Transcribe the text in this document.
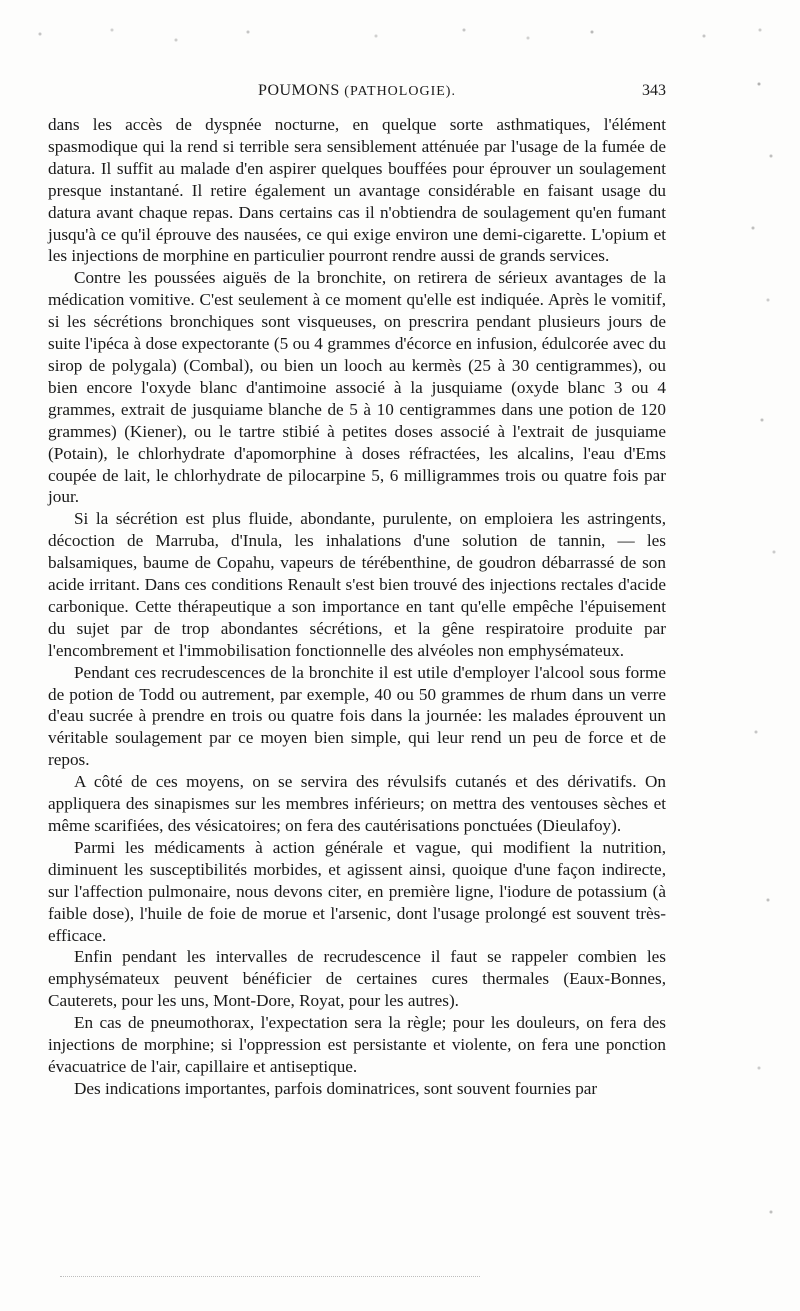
POUMONS (PATHOLOGIE).	343

dans les accès de dyspnée nocturne, en quelque sorte asthmatiques, l'élément spasmodique qui la rend si terrible sera sensiblement atténuée par l'usage de la fumée de datura. Il suffit au malade d'en aspirer quelques bouffées pour éprouver un soulagement presque instantané. Il retire également un avantage considérable en faisant usage du datura avant chaque repas. Dans certains cas il n'obtiendra de soulagement qu'en fumant jusqu'à ce qu'il éprouve des nausées, ce qui exige environ une demi-cigarette. L'opium et les injections de morphine en particulier pourront rendre aussi de grands services.

Contre les poussées aiguës de la bronchite, on retirera de sérieux avantages de la médication vomitive. C'est seulement à ce moment qu'elle est indiquée. Après le vomitif, si les sécrétions bronchiques sont visqueuses, on prescrira pendant plusieurs jours de suite l'ipéca à dose expectorante (5 ou 4 grammes d'écorce en infusion, édulcorée avec du sirop de polygala) (Combal), ou bien un looch au kermès (25 à 30 centigrammes), ou bien encore l'oxyde blanc d'antimoine associé à la jusquiame (oxyde blanc 3 ou 4 grammes, extrait de jusquiame blanche de 5 à 10 centigrammes dans une potion de 120 grammes) (Kiener), ou le tartre stibié à petites doses associé à l'extrait de jusquiame (Potain), le chlorhydrate d'apomorphine à doses réfractées, les alcalins, l'eau d'Ems coupée de lait, le chlorhydrate de pilocarpine 5, 6 milligrammes trois ou quatre fois par jour.

Si la sécrétion est plus fluide, abondante, purulente, on emploiera les astringents, décoction de Marruba, d'Inula, les inhalations d'une solution de tannin, — les balsamiques, baume de Copahu, vapeurs de térébenthine, de goudron débarrassé de son acide irritant. Dans ces conditions Renault s'est bien trouvé des injections rectales d'acide carbonique. Cette thérapeutique a son importance en tant qu'elle empêche l'épuisement du sujet par de trop abondantes sécrétions, et la gêne respiratoire produite par l'encombrement et l'immobilisation fonctionnelle des alvéoles non emphysémateux.

Pendant ces recrudescences de la bronchite il est utile d'employer l'alcool sous forme de potion de Todd ou autrement, par exemple, 40 ou 50 grammes de rhum dans un verre d'eau sucrée à prendre en trois ou quatre fois dans la journée: les malades éprouvent un véritable soulagement par ce moyen bien simple, qui leur rend un peu de force et de repos.

A côté de ces moyens, on se servira des révulsifs cutanés et des dérivatifs. On appliquera des sinapismes sur les membres inférieurs; on mettra des ventouses sèches et même scarifiées, des vésicatoires; on fera des cautérisations ponctuées (Dieulafoy).

Parmi les médicaments à action générale et vague, qui modifient la nutrition, diminuent les susceptibilités morbides, et agissent ainsi, quoique d'une façon indirecte, sur l'affection pulmonaire, nous devons citer, en première ligne, l'iodure de potassium (à faible dose), l'huile de foie de morue et l'arsenic, dont l'usage prolongé est souvent très-efficace.

Enfin pendant les intervalles de recrudescence il faut se rappeler combien les emphysémateux peuvent bénéficier de certaines cures thermales (Eaux-Bonnes, Cauterets, pour les uns, Mont-Dore, Royat, pour les autres).

En cas de pneumothorax, l'expectation sera la règle; pour les douleurs, on fera des injections de morphine; si l'oppression est persistante et violente, on fera une ponction évacuatrice de l'air, capillaire et antiseptique.

Des indications importantes, parfois dominatrices, sont souvent fournies par
